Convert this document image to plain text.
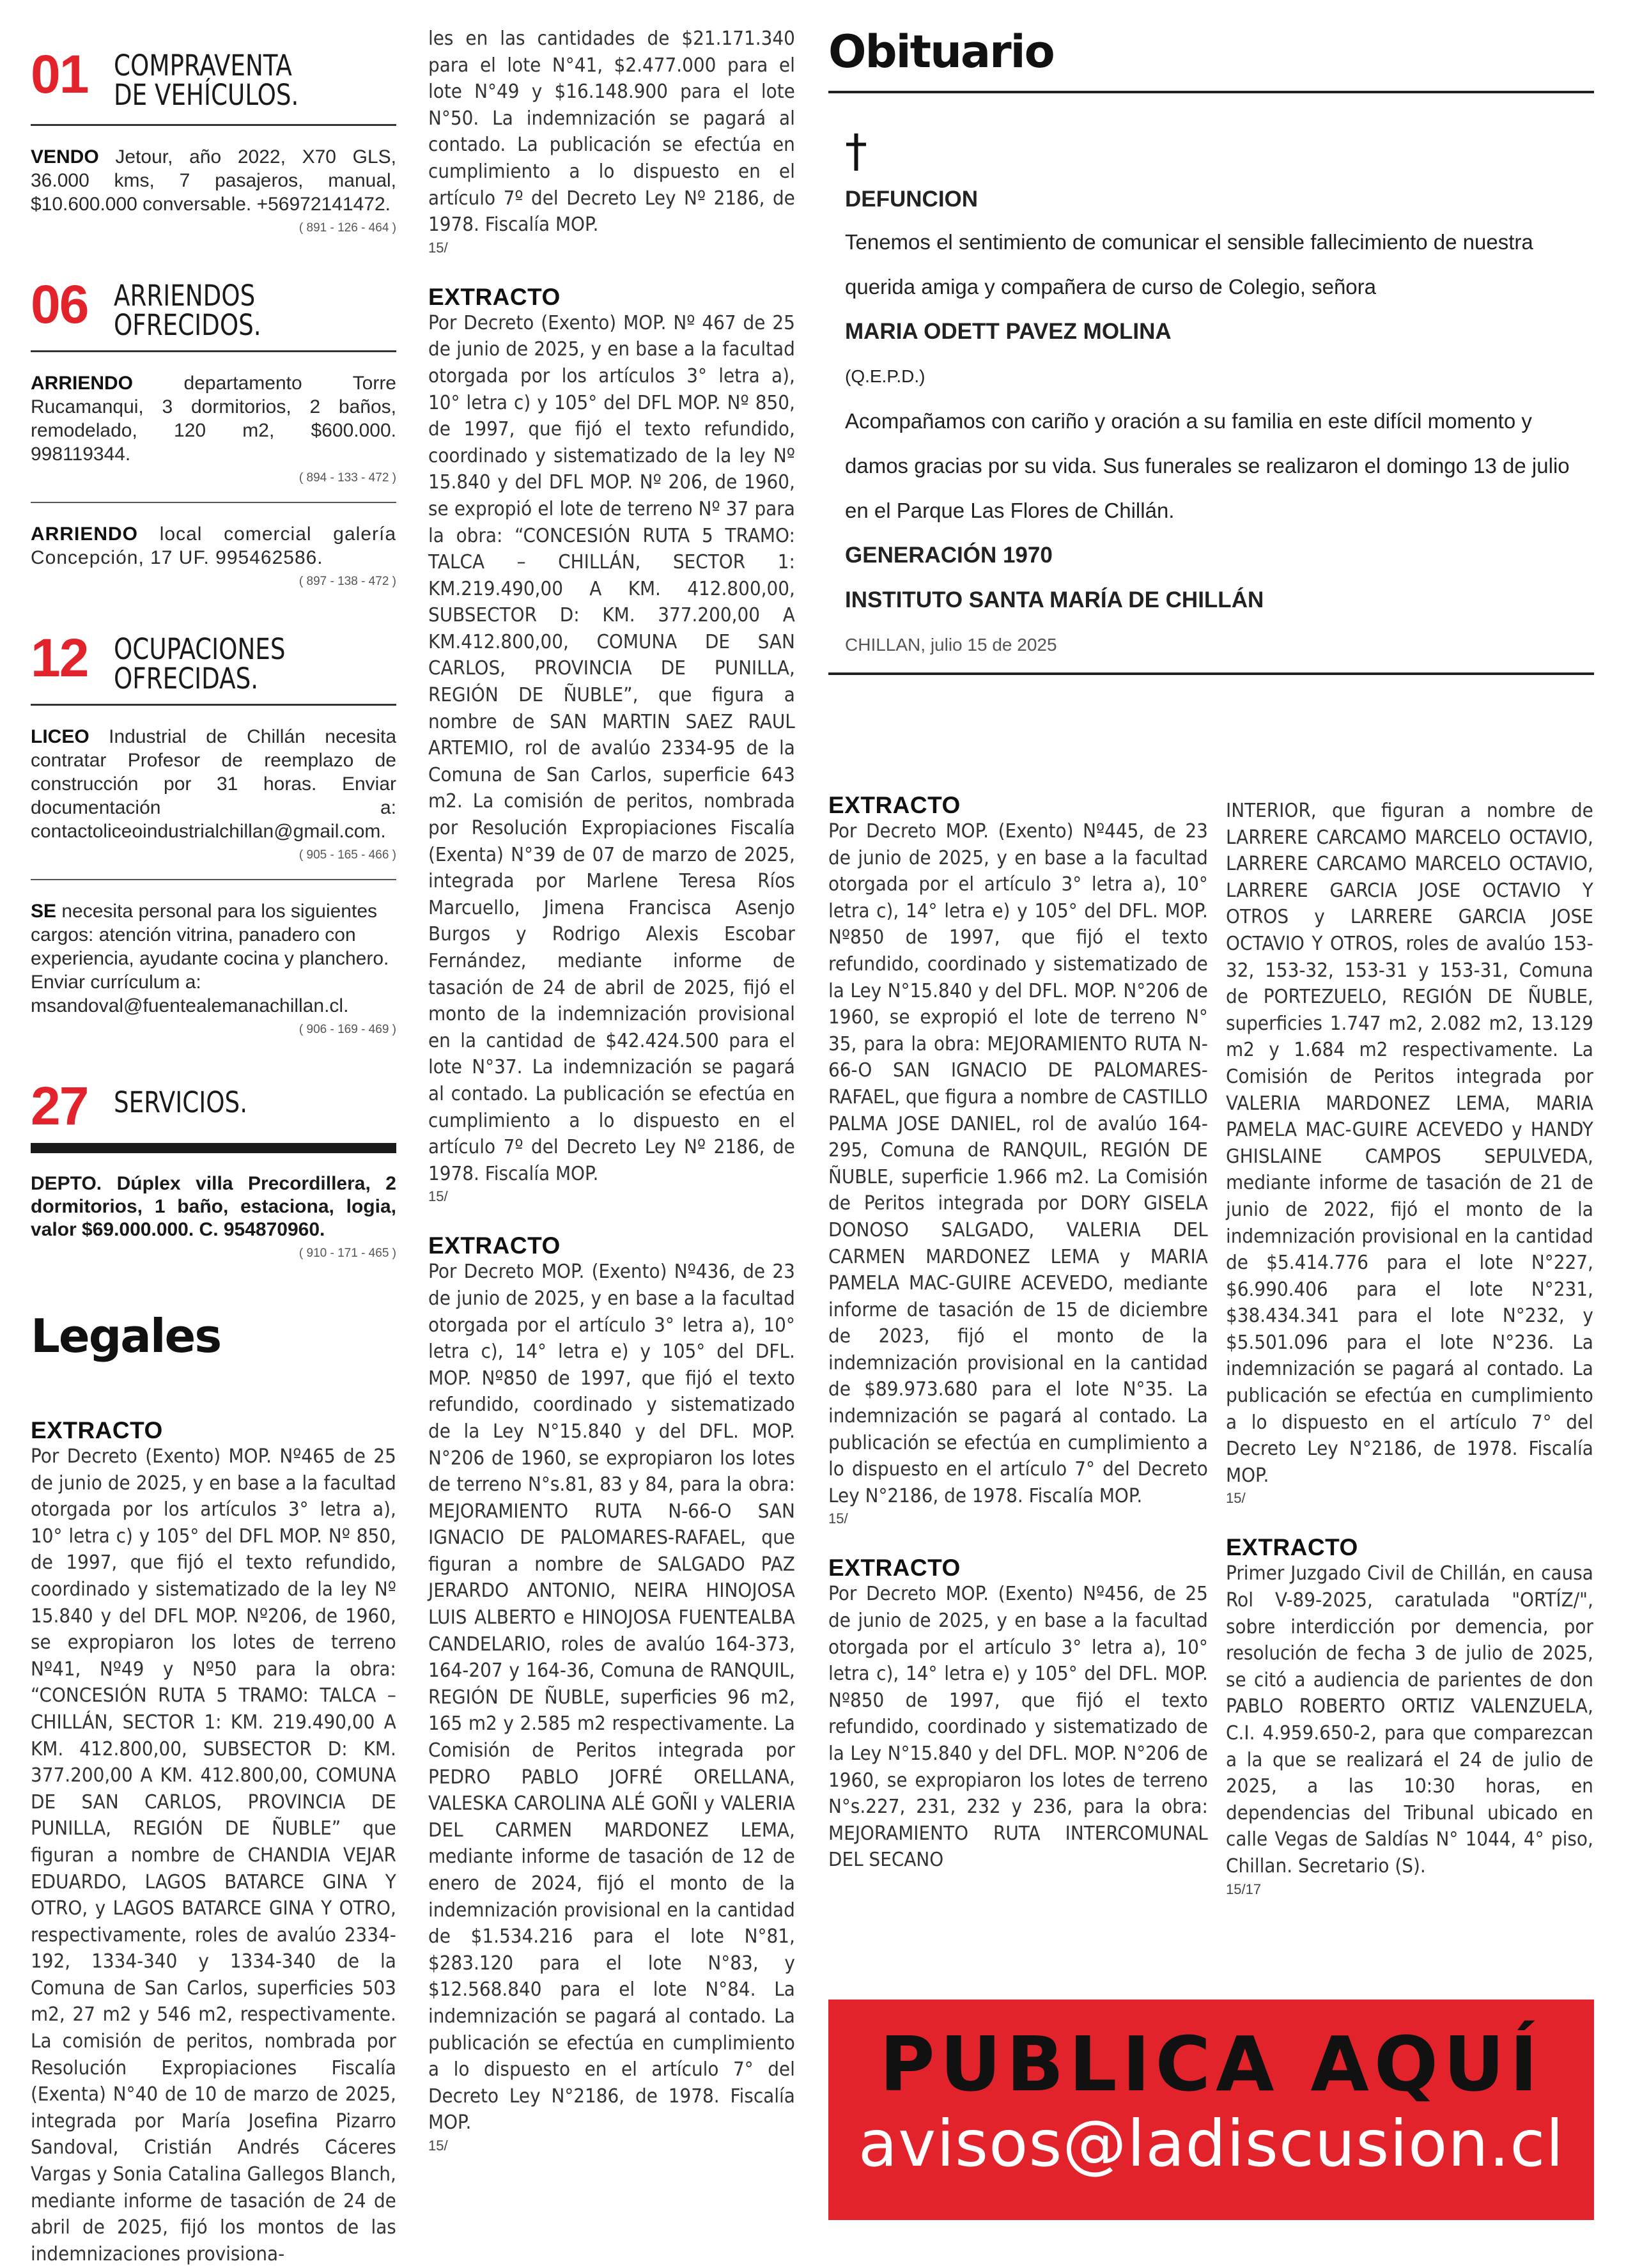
01 COMPRAVENTA
DE VEHÍCULOS.
VENDO Jetour, año 2022, X70 GLS, 36.000 kms, 7 pasajeros, manual, $10.600.000 conversable. +56972141472.
( 891 - 126 - 464 )
06 ARRIENDOS
OFRECIDOS.
ARRIENDO departamento Torre Rucamanqui, 3 dormitorios, 2 baños, remodelado, 120 m2, $600.000. 998119344.
( 894 - 133 - 472 )
ARRIENDO local comercial galería Concepción, 17 UF. 995462586.
( 897 - 138 - 472 )
12 OCUPACIONES
OFRECIDAS.
LICEO Industrial de Chillán necesita contratar Profesor de reemplazo de construcción por 31 horas. Enviar documentación a: contactoliceoindustrialchillan@gmail.com.
( 905 - 165 - 466 )
SE necesita personal para los siguientes cargos: atención vitrina, panadero con experiencia, ayudante cocina y planchero. Enviar currículum a: msandoval@fuentealemanachillan.cl.
( 906 - 169 - 469 )
27 SERVICIOS.
DEPTO. Dúplex villa Precordillera, 2 dormitorios, 1 baño, estaciona, logia, valor $69.000.000. C. 954870960.
( 910 - 171 - 465 )
Legales
EXTRACTO
Por Decreto (Exento) MOP. Nº465 de 25 de junio de 2025, y en base a la facultad otorgada por los artículos 3° letra a), 10° letra c) y 105° del DFL MOP. Nº 850, de 1997, que fijó el texto refundido, coordinado y sistematizado de la ley Nº 15.840 y del DFL MOP. Nº206, de 1960, se expropiaron los lotes de terreno Nº41, Nº49 y Nº50 para la obra: “CONCESIÓN RUTA 5 TRAMO: TALCA – CHILLÁN, SECTOR 1: KM. 219.490,00 A KM. 412.800,00, SUBSECTOR D: KM. 377.200,00 A KM. 412.800,00, COMUNA DE SAN CARLOS, PROVINCIA DE PUNILLA, REGIÓN DE ÑUBLE” que figuran a nombre de CHANDIA VEJAR EDUARDO, LAGOS BATARCE GINA Y OTRO, y LAGOS BATARCE GINA Y OTRO, respectivamente, roles de avalúo 2334-192, 1334-340 y 1334-340 de la Comuna de San Carlos, superficies 503 m2, 27 m2 y 546 m2, respectivamente. La comisión de peritos, nombrada por Resolución Expropiaciones Fiscalía (Exenta) N°40 de 10 de marzo de 2025, integrada por María Josefina Pizarro Sandoval, Cristián Andrés Cáceres Vargas y Sonia Catalina Gallegos Blanch, mediante informe de tasación de 24 de abril de 2025, fijó los montos de las indemnizaciones provisiona-
les en las cantidades de $21.171.340 para el lote N°41, $2.477.000 para el lote N°49 y $16.148.900 para el lote N°50. La indemnización se pagará al contado. La publicación se efectúa en cumplimiento a lo dispuesto en el artículo 7º del Decreto Ley Nº 2186, de 1978. Fiscalía MOP.
15/
EXTRACTO
Por Decreto (Exento) MOP. Nº 467 de 25 de junio de 2025, y en base a la facultad otorgada por los artículos 3° letra a), 10° letra c) y 105° del DFL MOP. Nº 850, de 1997, que fijó el texto refundido, coordinado y sistematizado de la ley Nº 15.840 y del DFL MOP. Nº 206, de 1960, se expropió el lote de terreno Nº 37 para la obra: “CONCESIÓN RUTA 5 TRAMO: TALCA – CHILLÁN, SECTOR 1: KM.219.490,00 A KM. 412.800,00, SUBSECTOR D: KM. 377.200,00 A KM.412.800,00, COMUNA DE SAN CARLOS, PROVINCIA DE PUNILLA, REGIÓN DE ÑUBLE”, que figura a nombre de SAN MARTIN SAEZ RAUL ARTEMIO, rol de avalúo 2334-95 de la Comuna de San Carlos, superficie 643 m2. La comisión de peritos, nombrada por Resolución Expropiaciones Fiscalía (Exenta) N°39 de 07 de marzo de 2025, integrada por Marlene Teresa Ríos Marcuello, Jimena Francisca Asenjo Burgos y Rodrigo Alexis Escobar Fernández, mediante informe de tasación de 24 de abril de 2025, fijó el monto de la indemnización provisional en la cantidad de $42.424.500 para el lote N°37. La indemnización se pagará al contado. La publicación se efectúa en cumplimiento a lo dispuesto en el artículo 7º del Decreto Ley Nº 2186, de 1978. Fiscalía MOP.
15/
EXTRACTO
Por Decreto MOP. (Exento) Nº436, de 23 de junio de 2025, y en base a la facultad otorgada por el artículo 3° letra a), 10° letra c), 14° letra e) y 105° del DFL. MOP. Nº850 de 1997, que fijó el texto refundido, coordinado y sistematizado de la Ley N°15.840 y del DFL. MOP. N°206 de 1960, se expropiaron los lotes de terreno N°s.81, 83 y 84, para la obra: MEJORAMIENTO RUTA N-66-O SAN IGNACIO DE PALOMARES-RAFAEL, que figuran a nombre de SALGADO PAZ JERARDO ANTONIO, NEIRA HINOJOSA LUIS ALBERTO e HINOJOSA FUENTEALBA CANDELARIO, roles de avalúo 164-373, 164-207 y 164-36, Comuna de RANQUIL, REGIÓN DE ÑUBLE, superficies 96 m2, 165 m2 y 2.585 m2 respectivamente. La Comisión de Peritos integrada por PEDRO PABLO JOFRÉ ORELLANA, VALESKA CAROLINA ALÉ GOÑI y VALERIA DEL CARMEN MARDONEZ LEMA, mediante informe de tasación de 12 de enero de 2024, fijó el monto de la indemnización provisional en la cantidad de $1.534.216 para el lote N°81, $283.120 para el lote N°83, y $12.568.840 para el lote N°84. La indemnización se pagará al contado. La publicación se efectúa en cumplimiento a lo dispuesto en el artículo 7° del Decreto Ley N°2186, de 1978. Fiscalía MOP.
15/
Obituario
†

DEFUNCION

Tenemos el sentimiento de comunicar el sensible fallecimiento de nuestra querida amiga y compañera de curso de Colegio, señora

MARIA ODETT PAVEZ MOLINA

(Q.E.P.D.)

Acompañamos con cariño y oración a su familia en este difícil momento y damos gracias por su vida. Sus funerales se realizaron el domingo 13 de julio en el Parque Las Flores de Chillán.

GENERACIÓN 1970

INSTITUTO SANTA MARÍA DE CHILLÁN

CHILLAN, julio 15 de 2025

EXTRACTO
Por Decreto MOP. (Exento) Nº445, de 23 de junio de 2025, y en base a la facultad otorgada por el artículo 3° letra a), 10° letra c), 14° letra e) y 105° del DFL. MOP. Nº850 de 1997, que fijó el texto refundido, coordinado y sistematizado de la Ley N°15.840 y del DFL. MOP. N°206 de 1960, se expropió el lote de terreno N° 35, para la obra: MEJORAMIENTO RUTA N-66-O SAN IGNACIO DE PALOMARES-RAFAEL, que figura a nombre de CASTILLO PALMA JOSE DANIEL, rol de avalúo 164-295, Comuna de RANQUIL, REGIÓN DE ÑUBLE, superficie 1.966 m2. La Comisión de Peritos integrada por DORY GISELA DONOSO SALGADO, VALERIA DEL CARMEN MARDONEZ LEMA y MARIA PAMELA MAC-GUIRE ACEVEDO, mediante informe de tasación de 15 de diciembre de 2023, fijó el monto de la indemnización provisional en la cantidad de $89.973.680 para el lote N°35. La indemnización se pagará al contado. La publicación se efectúa en cumplimiento a lo dispuesto en el artículo 7° del Decreto Ley N°2186, de 1978. Fiscalía MOP.
15/
EXTRACTO
Por Decreto MOP. (Exento) Nº456, de 25 de junio de 2025, y en base a la facultad otorgada por el artículo 3° letra a), 10° letra c), 14° letra e) y 105° del DFL. MOP. Nº850 de 1997, que fijó el texto refundido, coordinado y sistematizado de la Ley N°15.840 y del DFL. MOP. N°206 de 1960, se expropiaron los lotes de terreno N°s.227, 231, 232 y 236, para la obra: MEJORAMIENTO RUTA INTERCOMUNAL DEL SECANO
INTERIOR, que figuran a nombre de LARRERE CARCAMO MARCELO OCTAVIO, LARRERE CARCAMO MARCELO OCTAVIO, LARRERE GARCIA JOSE OCTAVIO Y OTROS y LARRERE GARCIA JOSE OCTAVIO Y OTROS, roles de avalúo 153-32, 153-32, 153-31 y 153-31, Comuna de PORTEZUELO, REGIÓN DE ÑUBLE, superficies 1.747 m2, 2.082 m2, 13.129 m2 y 1.684 m2 respectivamente. La Comisión de Peritos integrada por VALERIA MARDONEZ LEMA, MARIA PAMELA MAC-GUIRE ACEVEDO y HANDY GHISLAINE CAMPOS SEPULVEDA, mediante informe de tasación de 21 de junio de 2022, fijó el monto de la indemnización provisional en la cantidad de $5.414.776 para el lote N°227, $6.990.406 para el lote N°231, $38.434.341 para el lote N°232, y $5.501.096 para el lote N°236. La indemnización se pagará al contado. La publicación se efectúa en cumplimiento a lo dispuesto en el artículo 7° del Decreto Ley N°2186, de 1978. Fiscalía MOP.
15/
EXTRACTO
Primer Juzgado Civil de Chillán, en causa Rol V-89-2025, caratulada "ORTÍZ/", sobre interdicción por demencia, por resolución de fecha 3 de julio de 2025, se citó a audiencia de parientes de don PABLO ROBERTO ORTIZ VALENZUELA, C.I. 4.959.650-2, para que comparezcan a la que se realizará el 24 de julio de 2025, a las 10:30 horas, en dependencias del Tribunal ubicado en calle Vegas de Saldías N° 1044, 4° piso, Chillan. Secretario (S).
15/17
PUBLICA AQUÍ
avisos@ladiscusion.cl
